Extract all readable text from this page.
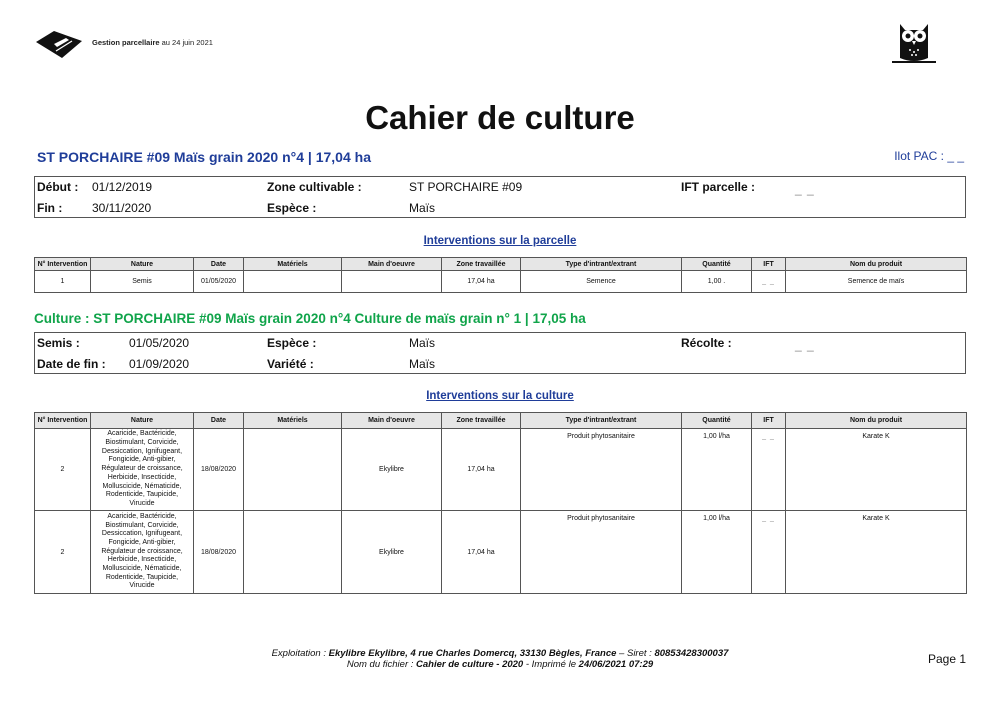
Gestion parcellaire au 24 juin 2021
Cahier de culture
ST PORCHAIRE #09 Maïs grain 2020 n°4 | 17,04 ha	Ilot PAC : _ _
Début : 01/12/2019
Fin : 30/11/2020
Zone cultivable :	ST PORCHAIRE #09
Espèce :	Maïs
IFT parcelle :	_ _
Interventions sur la parcelle
N° Intervention	Nature	Date	Matériels	Main d'oeuvre	Zone travaillée	Type d'intrant/extrant	Quantité	IFT	Nom du produit
1	Semis	01/05/2020			17,04 ha	Semence	1,00 .	_ _	Semence de maïs
Culture : ST PORCHAIRE #09 Maïs grain 2020 n°4 Culture de maïs grain n° 1 | 17,05 ha
Semis :	01/05/2020
Date de fin : 01/09/2020
Espèce :	Maïs
Variété :	Maïs
Récolte :	_ _
Interventions sur la culture
N° Intervention	Nature	Date	Matériels	Main d'oeuvre	Zone travaillée	Type d'intrant/extrant	Quantité	IFT	Nom du produit
2	Acaricide, Bactéricide, Biostimulant, Corvicide, Dessiccation, Ignifugeant, Fongicide, Anti-gibier, Régulateur de croissance, Herbicide, Insecticide, Molluscicide, Nématicide, Rodenticide, Taupicide, Virucide	18/08/2020		Ekylibre	17,04 ha	Produit phytosanitaire	1,00 l/ha	_ _	Karate K
2	Acaricide, Bactéricide, Biostimulant, Corvicide, Dessiccation, Ignifugeant, Fongicide, Anti-gibier, Régulateur de croissance, Herbicide, Insecticide, Molluscicide, Nématicide, Rodenticide, Taupicide, Virucide	18/08/2020		Ekylibre	17,04 ha	Produit phytosanitaire	1,00 l/ha	_ _	Karate K
Exploitation : Ekylibre Ekylibre, 4 rue Charles Domercq, 33130 Bègles, France – Siret : 80853428300037
Nom du fichier : Cahier de culture - 2020 - Imprimé le 24/06/2021 07:29	Page 1
